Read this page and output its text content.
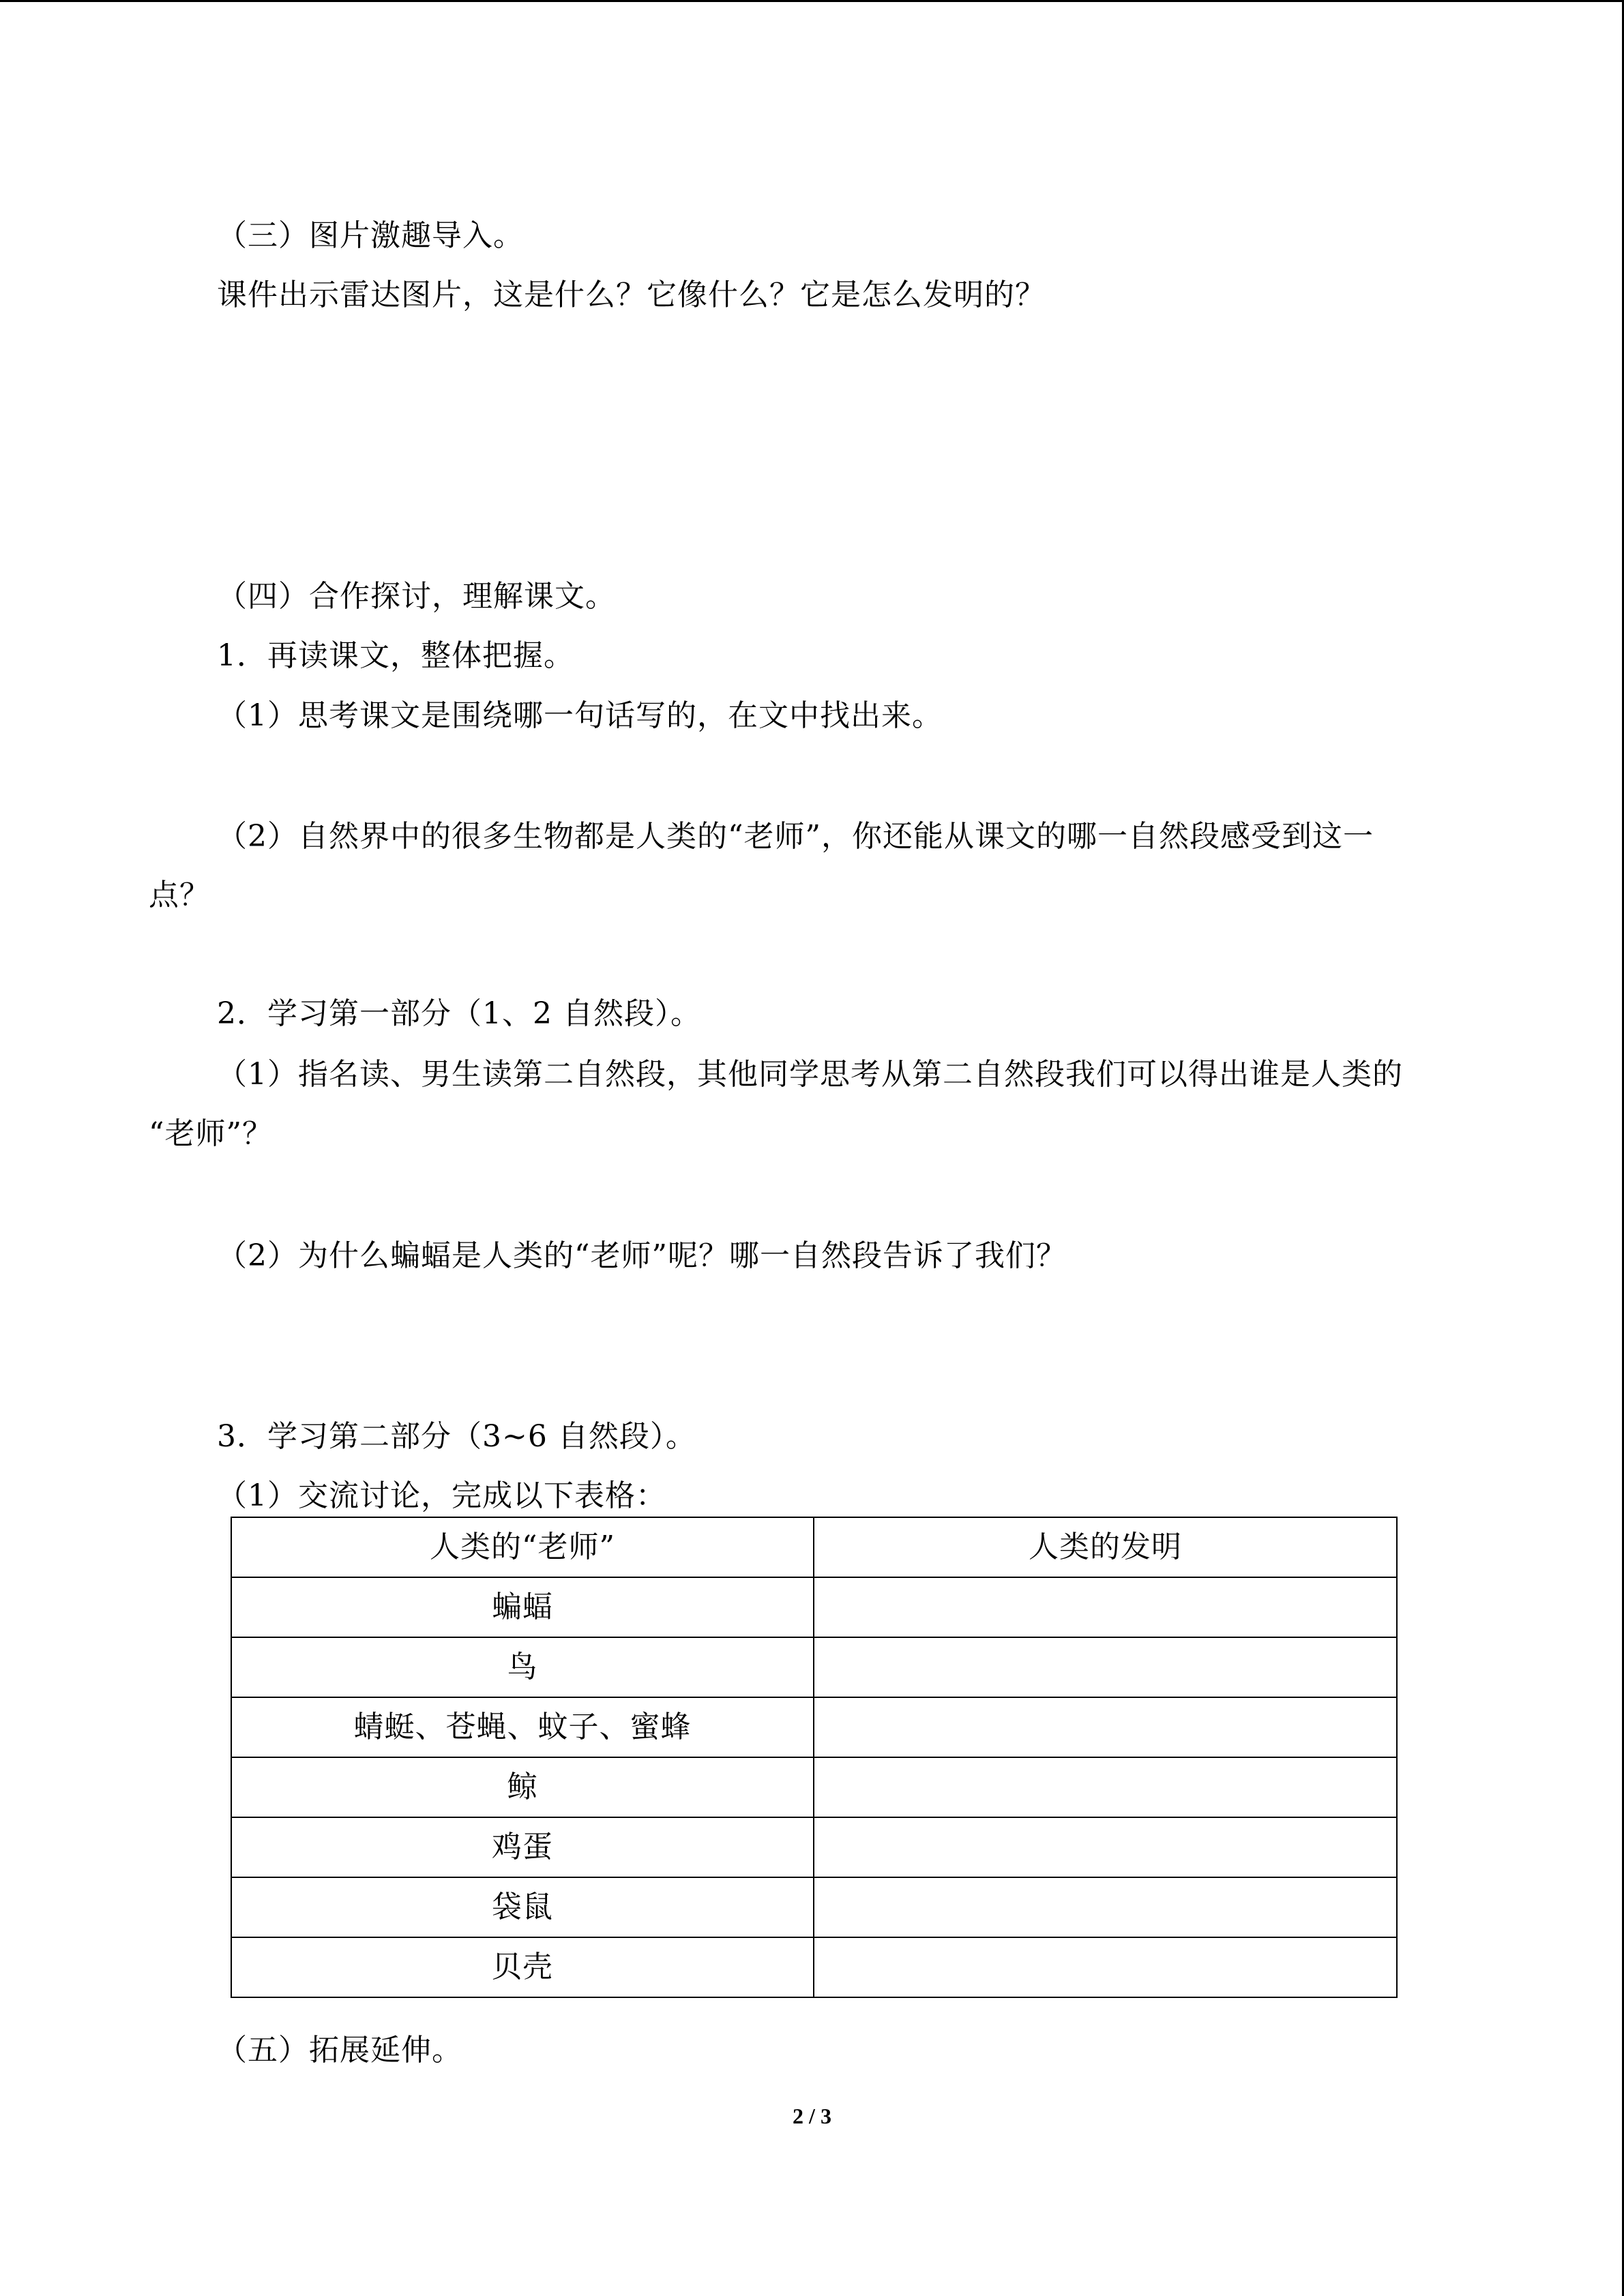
（三）图片激趣导入。
课件出示雷达图片，这是什么？它像什么？它是怎么发明的？
（四）合作探讨，理解课文。
1．再读课文，整体把握。
（1）思考课文是围绕哪一句话写的，在文中找出来。
（2）自然界中的很多生物都是人类的“老师”，你还能从课文的哪一自然段感受到这一
点？
2．学习第一部分（1、2 自然段）。
（1）指名读、男生读第二自然段，其他同学思考从第二自然段我们可以得出谁是人类的
“老师”？
（2）为什么蝙蝠是人类的“老师”呢？哪一自然段告诉了我们？
3．学习第二部分（3~6 自然段）。
（1）交流讨论，完成以下表格：
人类的“老师”	人类的发明
蝙蝠	
鸟	
蜻蜓、苍蝇、蚊子、蜜蜂	
鲸	
鸡蛋	
袋鼠	
贝壳	
（五）拓展延伸。
2 / 3
